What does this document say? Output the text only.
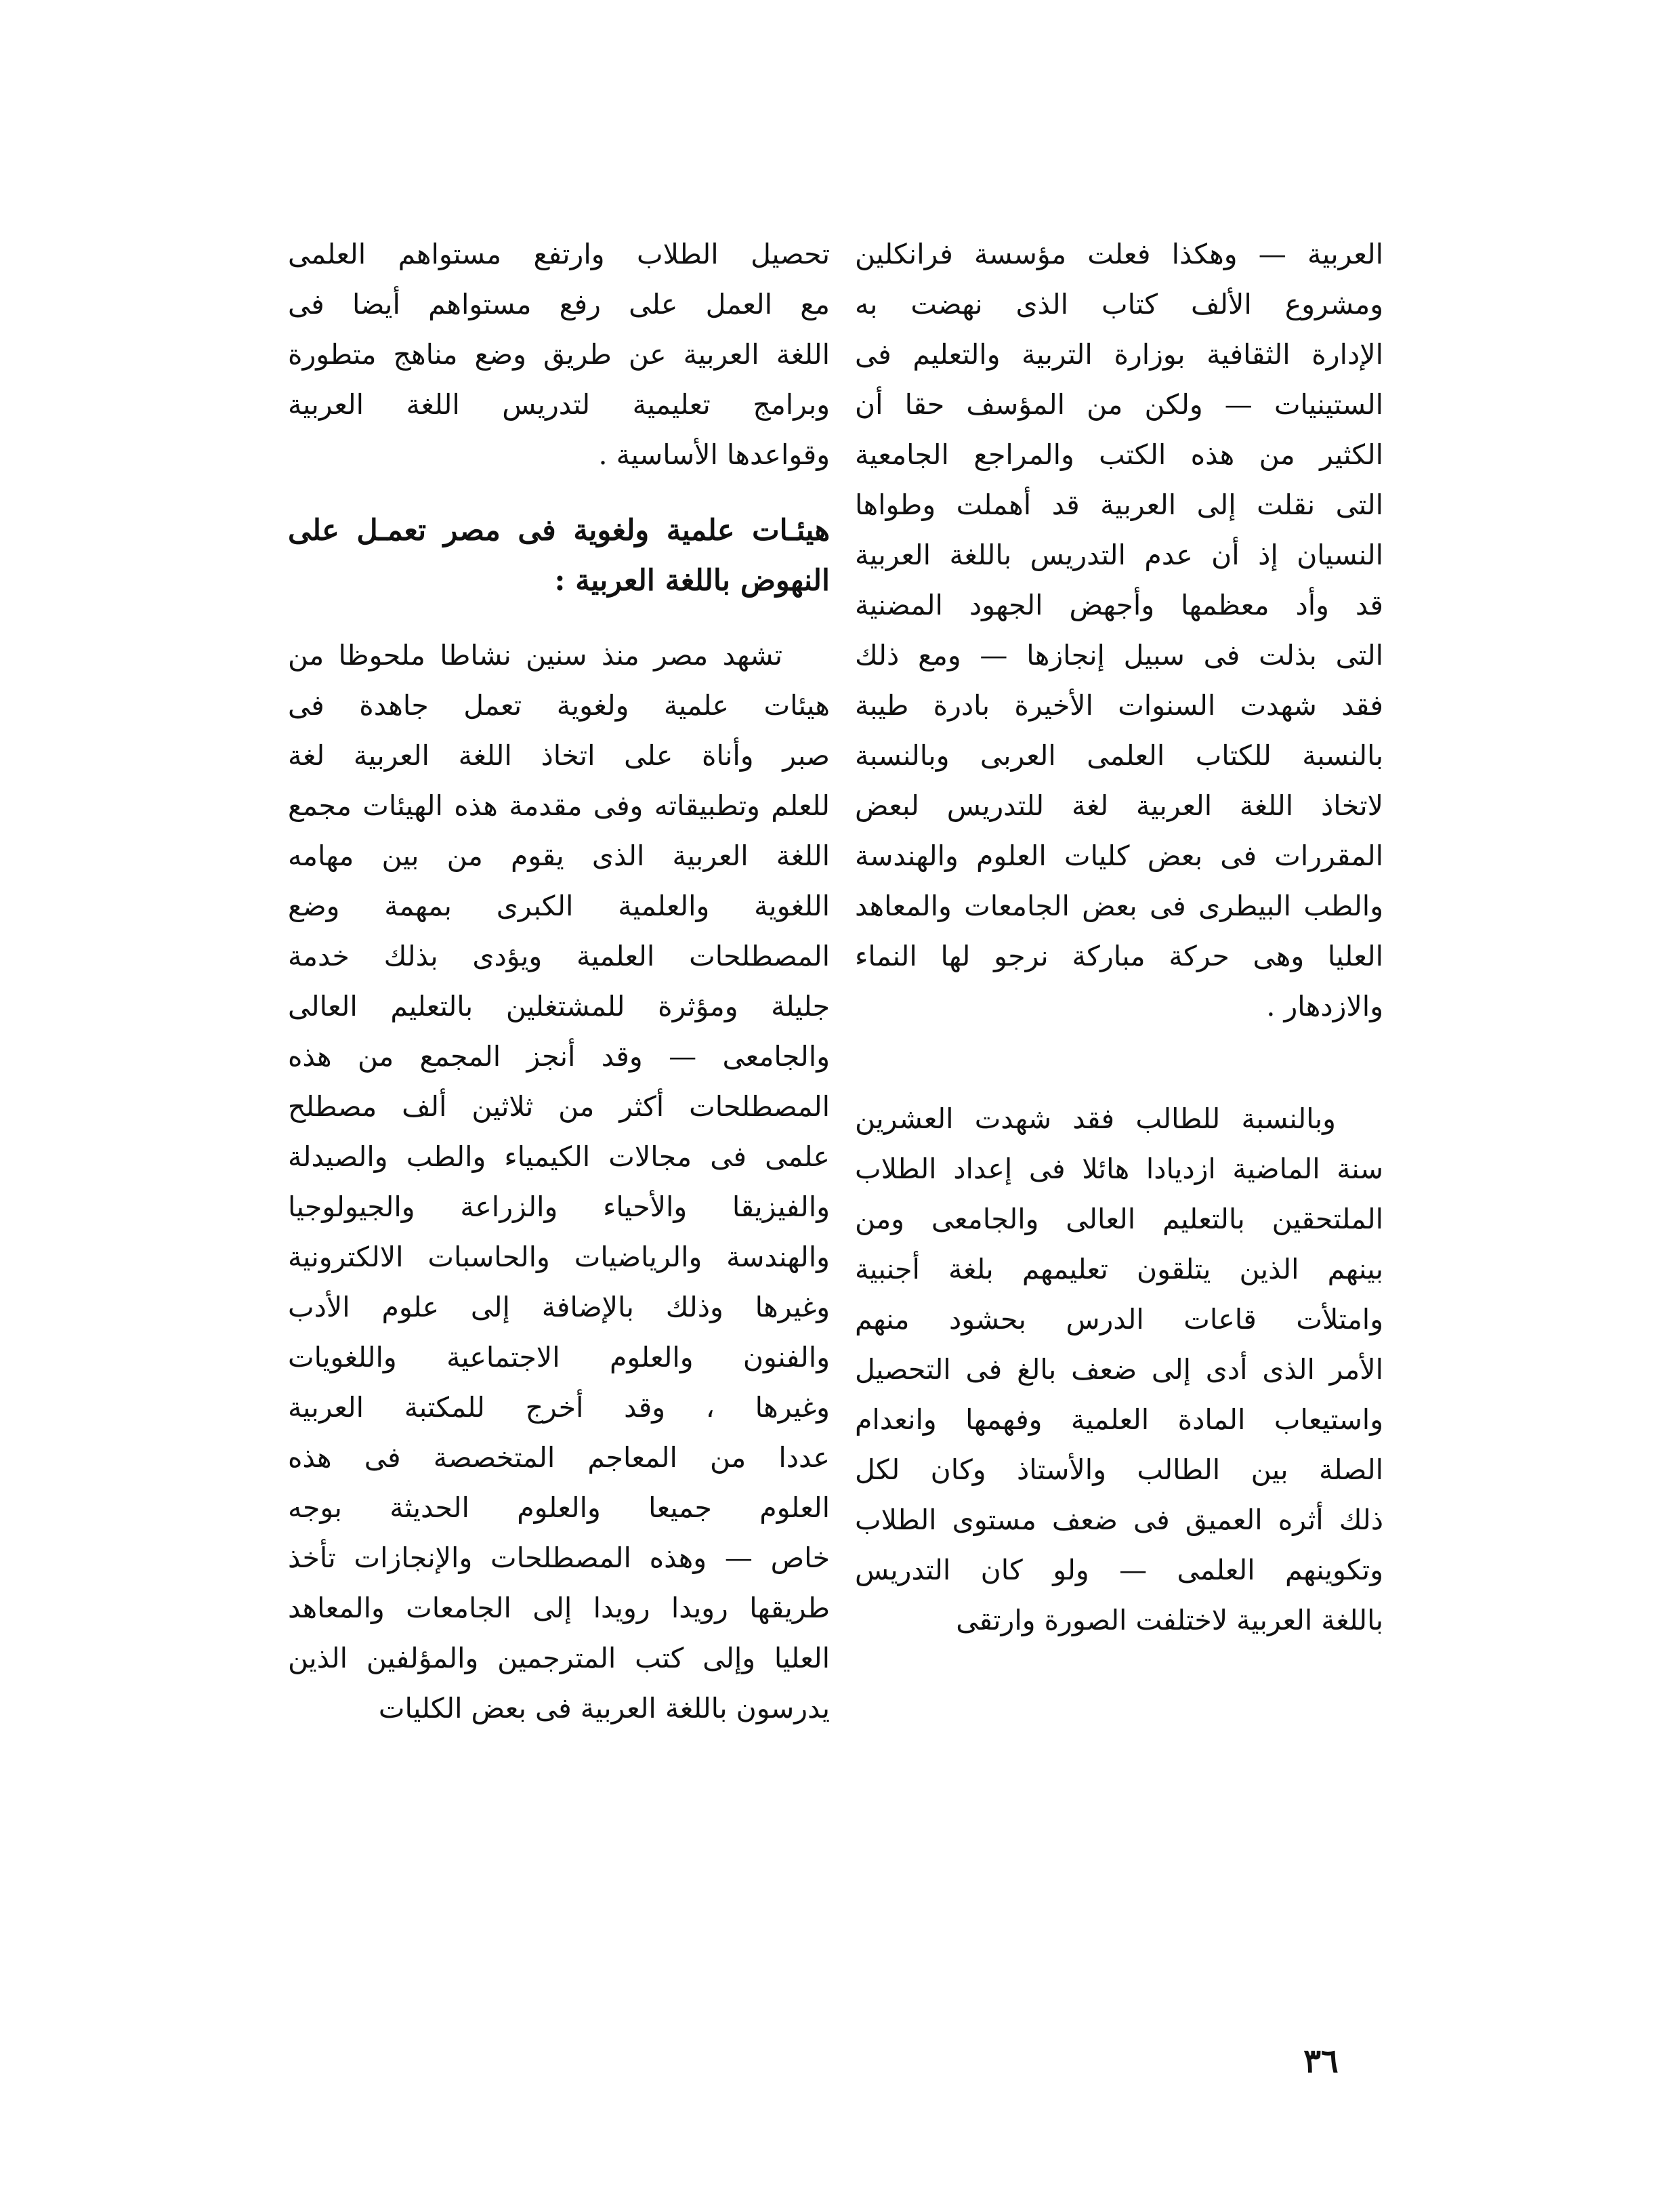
العربية — وهكذا فعلت مؤسسة فرانكلين
ومشروع الألف كتاب الذى نهضت به
الإدارة الثقافية بوزارة التربية والتعليم فى
الستينيات — ولكن من المؤسف حقا أن
الكثير من هذه الكتب والمراجع الجامعية
التى نقلت إلى العربية قد أهملت وطواها
النسيان إذ أن عدم التدريس باللغة العربية
قد وأد معظمها وأجهض الجهود المضنية
التى بذلت فى سبيل إنجازها — ومع ذلك
فقد شهدت السنوات الأخيرة بادرة طيبة
بالنسبة للكتاب العلمى العربى وبالنسبة
لاتخاذ اللغة العربية لغة للتدريس لبعض
المقررات فى بعض كليات العلوم والهندسة
والطب البيطرى فى بعض الجامعات والمعاهد
العليا وهى حركة مباركة نرجو لها النماء
والازدهار .
وبالنسبة للطالب فقد شهدت العشرين
سنة الماضية ازديادا هائلا فى إعداد الطلاب
الملتحقين بالتعليم العالى والجامعى ومن
بينهم الذين يتلقون تعليمهم بلغة أجنبية
وامتلأت قاعات الدرس بحشود منهم
الأمر الذى أدى إلى ضعف بالغ فى التحصيل
واستيعاب المادة العلمية وفهمها وانعدام
الصلة بين الطالب والأستاذ وكان لكل
ذلك أثره العميق فى ضعف مستوى الطلاب
وتكوينهم العلمى — ولو كان التدريس
باللغة العربية لاختلفت الصورة وارتقى
تحصيل الطلاب وارتفع مستواهم العلمى
مع العمل على رفع مستواهم أيضا فى
اللغة العربية عن طريق وضع مناهج متطورة
وبرامج تعليمية لتدريس اللغة العربية
وقواعدها الأساسية .
هيئـات علمية ولغوية فى مصر تعمـل على
النهوض باللغة العربية :
تشهد مصر منذ سنين نشاطا ملحوظا من
هيئات علمية ولغوية تعمل جاهدة فى
صبر وأناة على اتخاذ اللغة العربية لغة
للعلم وتطبيقاته وفى مقدمة هذه الهيئات مجمع
اللغة العربية الذى يقوم من بين مهامه
اللغوية والعلمية الكبرى بمهمة وضع
المصطلحات العلمية ويؤدى بذلك خدمة
جليلة ومؤثرة للمشتغلين بالتعليم العالى
والجامعى — وقد أنجز المجمع من هذه
المصطلحات أكثر من ثلاثين ألف مصطلح
علمى فى مجالات الكيمياء والطب والصيدلة
والفيزيقا والأحياء والزراعة والجيولوجيا
والهندسة والرياضيات والحاسبات الالكترونية
وغيرها وذلك بالإضافة إلى علوم الأدب
والفنون والعلوم الاجتماعية واللغويات
وغيرها ، وقد أخرج للمكتبة العربية
عددا من المعاجم المتخصصة فى هذه
العلوم جميعا والعلوم الحديثة بوجه
خاص — وهذه المصطلحات والإنجازات تأخذ
طريقها رويدا رويدا إلى الجامعات والمعاهد
العليا وإلى كتب المترجمين والمؤلفين الذين
يدرسون باللغة العربية فى بعض الكليات
٣٦
